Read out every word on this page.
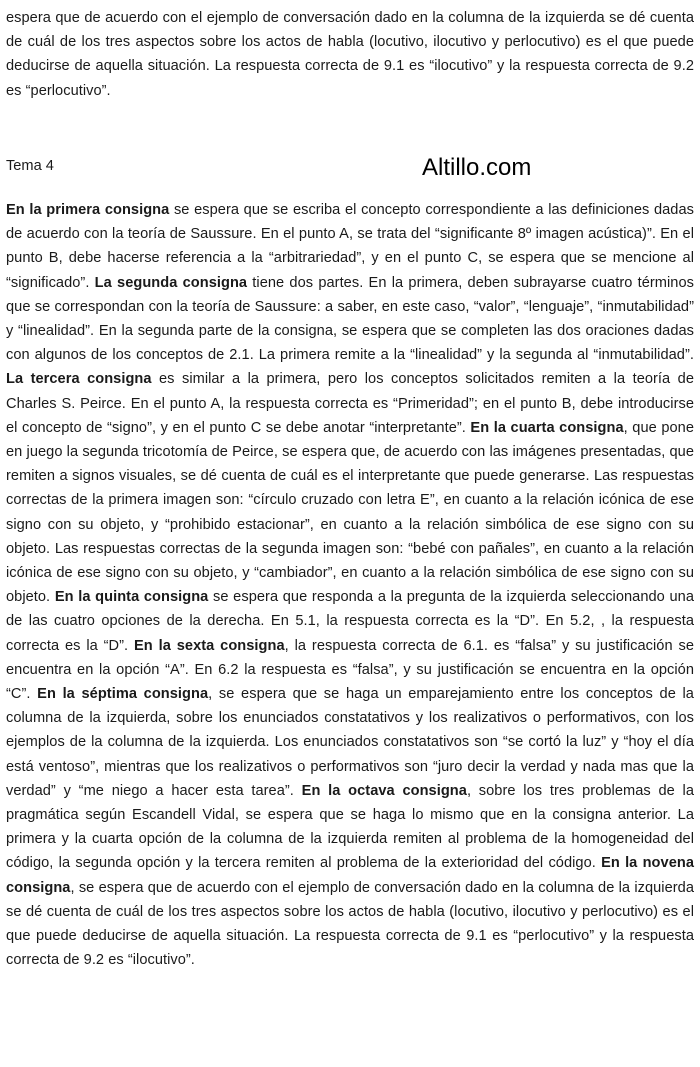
espera que de acuerdo con el ejemplo de conversación dado en la columna de la izquierda se dé cuenta de cuál de los tres aspectos sobre los actos de habla (locutivo, ilocutivo y perlocutivo) es el que puede deducirse de aquella situación. La respuesta correcta de 9.1 es “ilocutivo” y la respuesta correcta de 9.2 es “perlocutivo”.

Tema 4	Altillo.com

En la primera consigna se espera que se escriba el concepto correspondiente a las definiciones dadas de acuerdo con la teoría de Saussure. En el punto A, se trata del “significante 8º imagen acústica)”. En el punto B, debe hacerse referencia a la “arbitrariedad”, y en el punto C, se espera que se mencione al “significado”. La segunda consigna tiene dos partes. En la primera, deben subrayarse cuatro términos que se correspondan con la teoría de Saussure: a saber, en este caso, “valor”, “lenguaje”, “inmutabilidad” y “linealidad”. En la segunda parte de la consigna, se espera que se completen las dos oraciones dadas con algunos de los conceptos de 2.1. La primera remite a la “linealidad” y la segunda al “inmutabilidad”. La tercera consigna es similar a la primera, pero los conceptos solicitados remiten a la teoría de Charles S. Peirce. En el punto A, la respuesta correcta es “Primeridad”; en el punto B, debe introducirse el concepto de “signo”, y en el punto C se debe anotar “interpretante”. En la cuarta consigna, que pone en juego la segunda tricotomía de Peirce, se espera que, de acuerdo con las imágenes presentadas, que remiten a signos visuales, se dé cuenta de cuál es el interpretante que puede generarse. Las respuestas correctas de la primera imagen son: “círculo cruzado con letra E”, en cuanto a la relación icónica de ese signo con su objeto, y “prohibido estacionar”, en cuanto a la relación simbólica de ese signo con su objeto. Las respuestas correctas de la segunda imagen son: “bebé con pañales”, en cuanto a la relación icónica de ese signo con su objeto, y “cambiador”, en cuanto a la relación simbólica de ese signo con su objeto. En la quinta consigna se espera que responda a la pregunta de la izquierda seleccionando una de las cuatro opciones de la derecha. En 5.1, la respuesta correcta es la “D”. En 5.2, , la respuesta correcta es la “D”. En la sexta consigna, la respuesta correcta de 6.1. es “falsa” y su justificación se encuentra en la opción “A”. En 6.2 la respuesta es “falsa”, y su justificación se encuentra en la opción “C”. En la séptima consigna, se espera que se haga un emparejamiento entre los conceptos de la columna de la izquierda, sobre los enunciados constatativos y los realizativos o performativos, con los ejemplos de la columna de la izquierda. Los enunciados constatativos son “se cortó la luz” y “hoy el día está ventoso”, mientras que los realizativos o performativos son “juro decir la verdad y nada mas que la verdad” y “me niego a hacer esta tarea”. En la octava consigna, sobre los tres problemas de la pragmática según Escandell Vidal, se espera que se haga lo mismo que en la consigna anterior. La primera y la cuarta opción de la columna de la izquierda remiten al problema de la homogeneidad del código, la segunda opción y la tercera remiten al problema de la exterioridad del código. En la novena consigna, se espera que de acuerdo con el ejemplo de conversación dado en la columna de la izquierda se dé cuenta de cuál de los tres aspectos sobre los actos de habla (locutivo, ilocutivo y perlocutivo) es el que puede deducirse de aquella situación. La respuesta correcta de 9.1 es “perlocutivo” y la respuesta correcta de 9.2 es “ilocutivo”.
